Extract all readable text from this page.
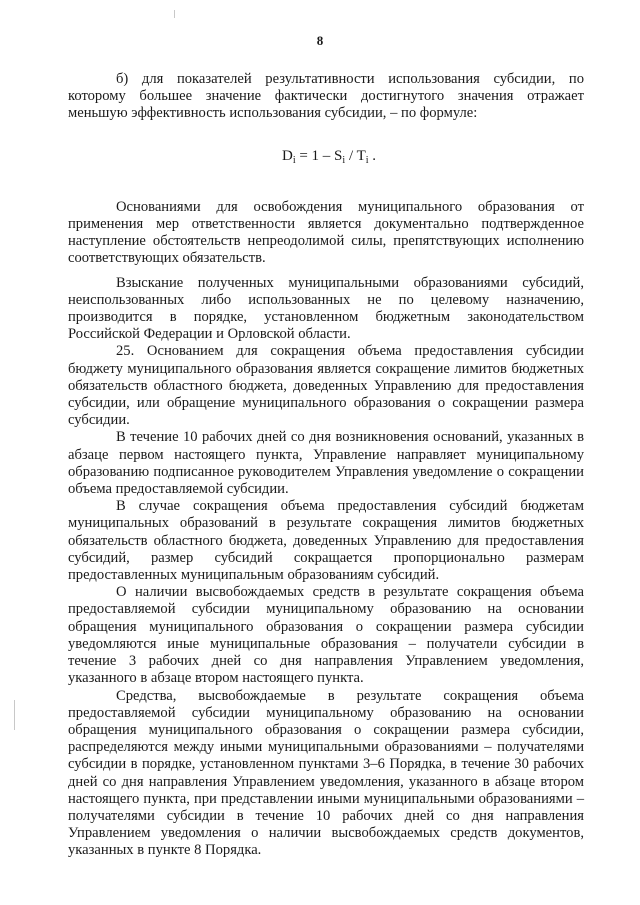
8

б) для показателей результативности использования субсидии, по которому большее значение фактически достигнутого значения отражает меньшую эффективность использования субсидии, – по формуле:

$D_i = 1 - S_i / T_i$ .

Основаниями для освобождения муниципального образования от применения мер ответственности является документально подтвержденное наступление обстоятельств непреодолимой силы, препятствующих исполнению соответствующих обязательств.

Взыскание полученных муниципальными образованиями субсидий, неиспользованных либо использованных не по целевому назначению, производится в порядке, установленном бюджетным законодательством Российской Федерации и Орловской области.

25. Основанием для сокращения объема предоставления субсидии бюджету муниципального образования является сокращение лимитов бюджетных обязательств областного бюджета, доведенных Управлению для предоставления субсидии, или обращение муниципального образования о сокращении размера субсидии.

В течение 10 рабочих дней со дня возникновения оснований, указанных в абзаце первом настоящего пункта, Управление направляет муниципальному образованию подписанное руководителем Управления уведомление о сокращении объема предоставляемой субсидии.

В случае сокращения объема предоставления субсидий бюджетам муниципальных образований в результате сокращения лимитов бюджетных обязательств областного бюджета, доведенных Управлению для предоставления субсидий, размер субсидий сокращается пропорционально размерам предоставленных муниципальным образованиям субсидий.

О наличии высвобождаемых средств в результате сокращения объема предоставляемой субсидии муниципальному образованию на основании обращения муниципального образования о сокращении размера субсидии уведомляются иные муниципальные образования – получатели субсидии в течение 3 рабочих дней со дня направления Управлением уведомления, указанного в абзаце втором настоящего пункта.

Средства, высвобождаемые в результате сокращения объема предоставляемой субсидии муниципальному образованию на основании обращения муниципального образования о сокращении размера субсидии, распределяются между иными муниципальными образованиями – получателями субсидии в порядке, установленном пунктами 3–6 Порядка, в течение 30 рабочих дней со дня направления Управлением уведомления, указанного в абзаце втором настоящего пункта, при представлении иными муниципальными образованиями – получателями субсидии в течение 10 рабочих дней со дня направления Управлением уведомления о наличии высвобождаемых средств документов, указанных в пункте 8 Порядка.
